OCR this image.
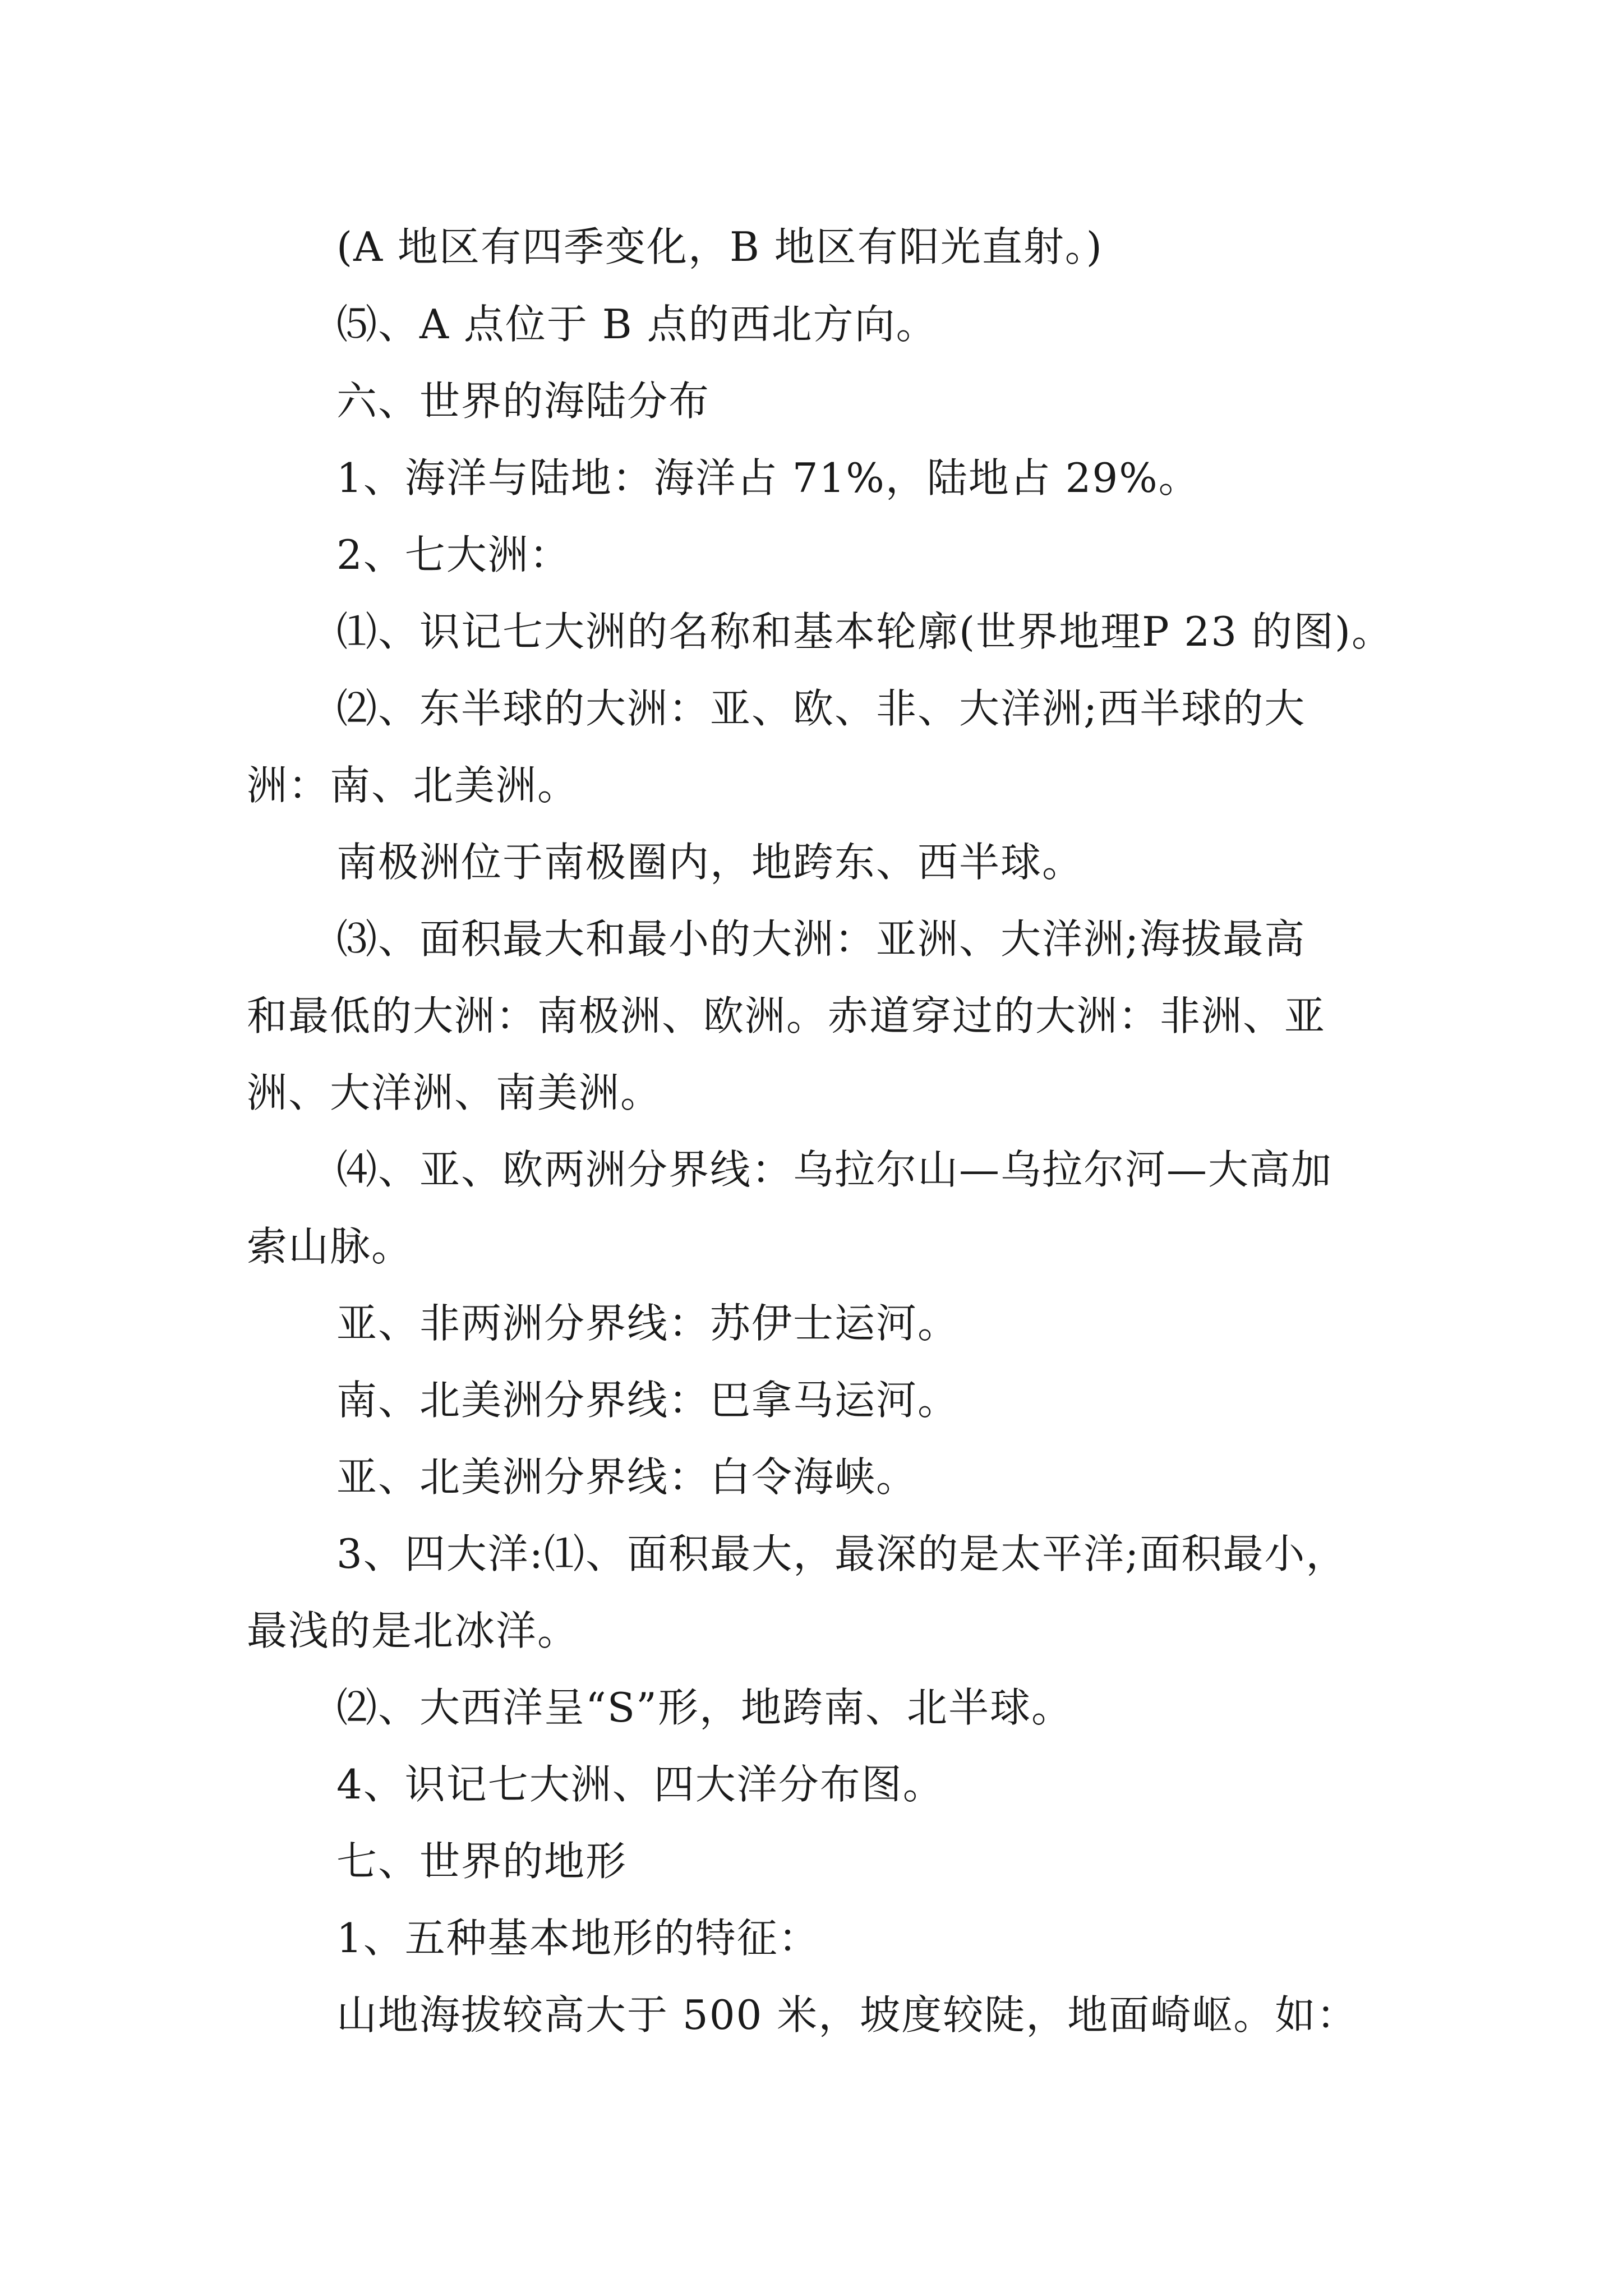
(A 地区有四季变化，B 地区有阳光直射。)
⑸、A 点位于 B 点的西北方向。
六、世界的海陆分布
1、海洋与陆地：海洋占 71%，陆地占 29%。
2、七大洲：
⑴、识记七大洲的名称和基本轮廓(世界地理P 23 的图)。
⑵、东半球的大洲：亚、欧、非、大洋洲;西半球的大
洲：南、北美洲。
南极洲位于南极圈内，地跨东、西半球。
⑶、面积最大和最小的大洲：亚洲、大洋洲;海拔最高
和最低的大洲：南极洲、欧洲。赤道穿过的大洲：非洲、亚
洲、大洋洲、南美洲。
⑷、亚、欧两洲分界线：乌拉尔山—乌拉尔河—大高加
索山脉。
亚、非两洲分界线：苏伊士运河。
南、北美洲分界线：巴拿马运河。
亚、北美洲分界线：白令海峡。
3、四大洋:⑴、面积最大，最深的是太平洋;面积最小，
最浅的是北冰洋。
⑵、大西洋呈“S”形，地跨南、北半球。
4、识记七大洲、四大洋分布图。
七、世界的地形
1、五种基本地形的特征：
山地海拔较高大于 500 米，坡度较陡，地面崎岖。如：
